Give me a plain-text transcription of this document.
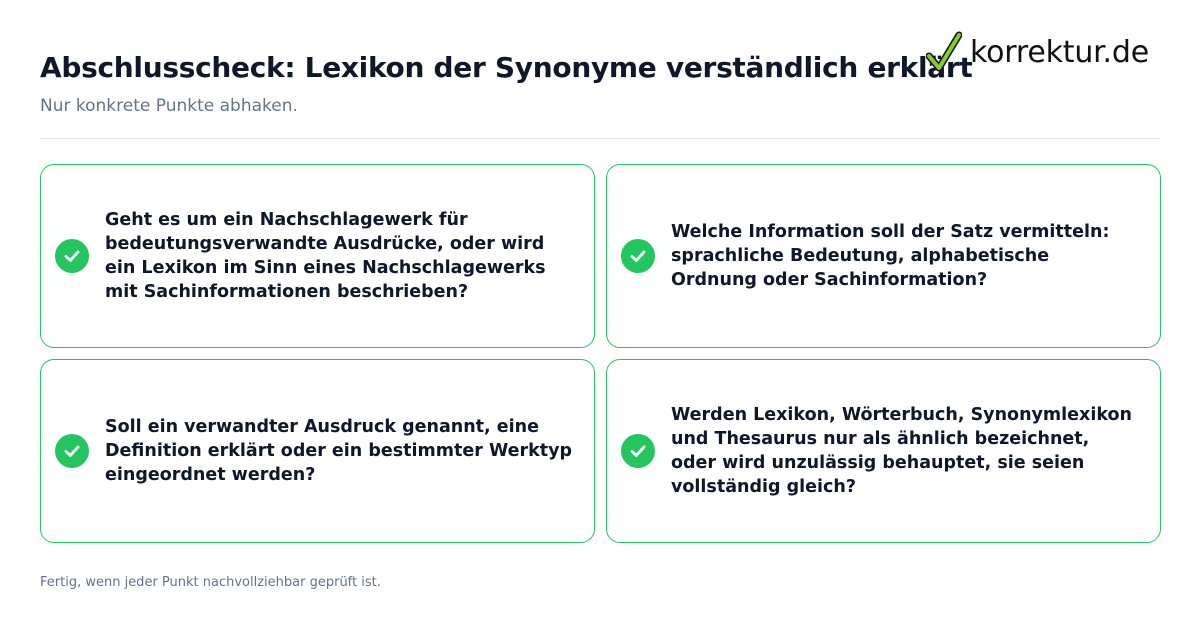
Abschlusscheck: Lexikon der Synonyme verständlich erklärt
Nur konkrete Punkte abhaken.
korrektur.de

Geht es um ein Nachschlagewerk für bedeutungsverwandte Ausdrücke, oder wird ein Lexikon im Sinn eines Nachschlagewerks mit Sachinformationen beschrieben?

Welche Information soll der Satz vermitteln: sprachliche Bedeutung, alphabetische Ordnung oder Sachinformation?

Soll ein verwandter Ausdruck genannt, eine Definition erklärt oder ein bestimmter Werktyp eingeordnet werden?

Werden Lexikon, Wörterbuch, Synonymlexikon und Thesaurus nur als ähnlich bezeichnet, oder wird unzulässig behauptet, sie seien vollständig gleich?

Fertig, wenn jeder Punkt nachvollziehbar geprüft ist.
